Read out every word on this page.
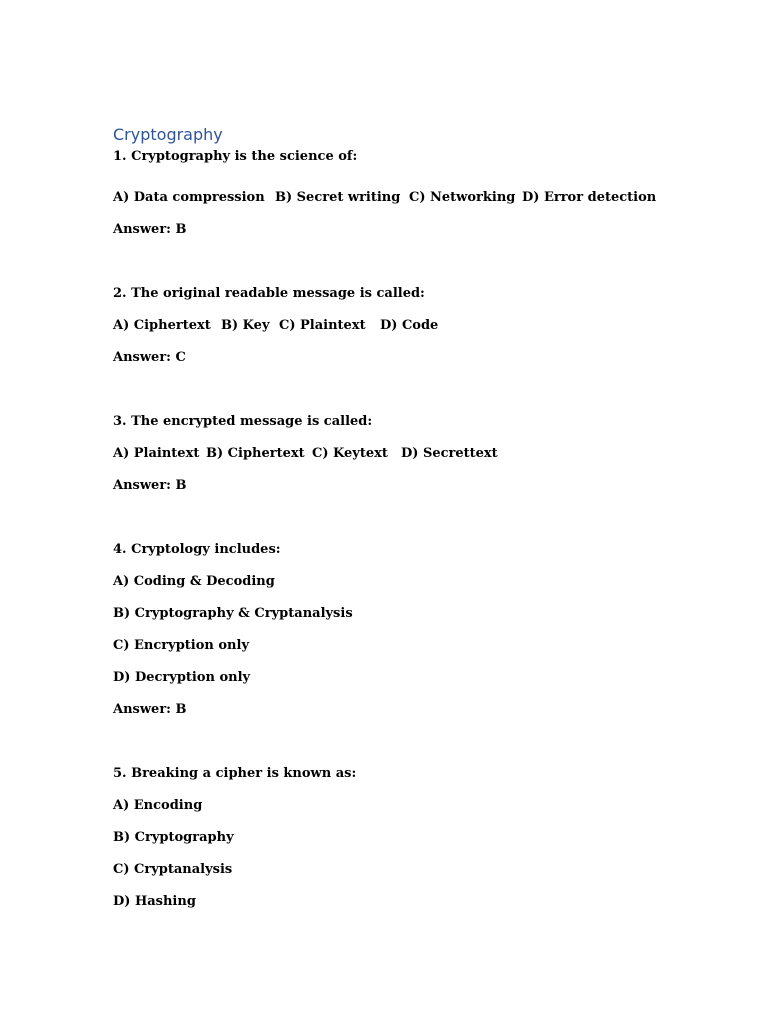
Cryptography

1. Cryptography is the science of:

A) Data compression B) Secret writing C) Networking D) Error detection

Answer: B

2. The original readable message is called:

A) Ciphertext B) Key C) Plaintext D) Code

Answer: C

3. The encrypted message is called:

A) Plaintext B) Ciphertext C) Keytext D) Secrettext

Answer: B

4. Cryptology includes:

A) Coding & Decoding

B) Cryptography & Cryptanalysis

C) Encryption only

D) Decryption only

Answer: B

5. Breaking a cipher is known as:

A) Encoding

B) Cryptography

C) Cryptanalysis

D) Hashing
